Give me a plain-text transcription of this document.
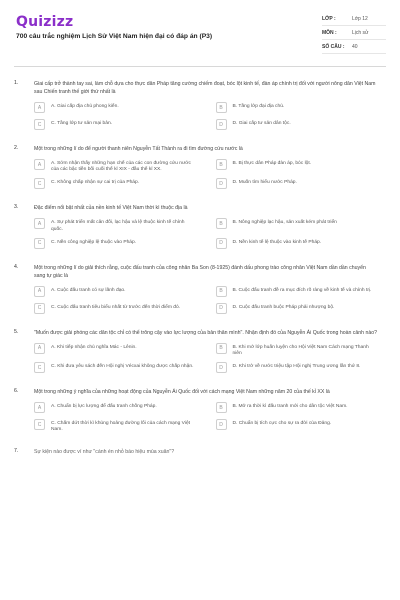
Quizizz
700 câu trắc nghiệm Lịch Sử Việt Nam hiện đại có đáp án (P3)
LỚP :	Lớp 12
MÔN :	Lịch sử
SỐ CÂU :	40
1.	Giai cấp trở thành tay sai, làm chỗ dựa cho thực dân Pháp tăng cường chiếm đoạt, bóc lột kinh tế, đàn áp chính trị đối với người nông dân Việt Nam sau Chiến tranh thế giới thứ nhất là
A	A. Giai cấp địa chủ phong kiến.	B	B. Tầng lớp đại địa chủ.
C	C. Tầng lớp tư sản mại bản.	D	D. Giai cấp tư sản dân tộc.
2.	Một trong những lí do để người thanh niên Nguyễn Tất Thành ra đi tìm đường cứu nước là
A	A. Sớm nhận thấy những hạn chế của các con đường cứu nước của các bậc tiền bối cuối thế kỉ XIX - đầu thế kỉ XX.
B	B. Bị thực dân Pháp đàn áp, bóc lột.
C	C. Không chấp nhận sự cai trị của Pháp.	D	D. Muốn tìm hiểu nước Pháp.
3.	Đặc điểm nổi bật nhất của nền kinh tế Việt Nam thời kì thuộc địa là
A	A. Sự phát triển mất cân đối, lạc hậu và lệ thuộc kinh tế chính quốc.
B	B. Nông nghiệp lạc hậu, sản xuất kém phát triển
C	C. Nền công nghiệp lệ thuộc vào Pháp.	D	D. Nền kinh tế lệ thuộc vào kinh tế Pháp.
4.	Một trong những lí do giải thích rằng, cuộc đấu tranh của công nhân Ba Son (8-1925) đánh dấu phong trào công nhân Việt Nam dần dần chuyển sang tự giác là
A	A. Cuộc đấu tranh có sự lãnh đạo.	B	B. Cuộc đấu tranh đề ra mục đích rõ ràng về kinh tế và chính trị.
C	C. Cuộc đấu tranh tiêu biểu nhất từ trước đến thời điểm đó.	D	D. Cuộc đấu tranh buộc Pháp phải nhượng bộ.
5.	"Muốn được giải phóng các dân tộc chỉ có thể trông cậy vào lực lượng của bản thân mình". Nhận định đó của Nguyễn Ái Quốc trong hoàn cảnh nào?
A	A. Khi tiếp nhận chủ nghĩa Mác - Lênin.	B	B. Khi mở lớp huấn luyện cho Hội Việt Nam Cách mạng Thanh niên
C	C. Khi đưa yêu sách đến Hội nghị Vécxai không được chấp nhận.	D	D. Khi trở về nước triệu tập Hội nghị Trung ương lần thứ 8.
6.	Một trong những ý nghĩa của những hoạt động của Nguyễn Ái Quốc đối với cách mạng Việt Nam những năm 20 của thế kỉ XX là
A	A. Chuẩn bị lực lượng để đấu tranh chống Pháp.	B	B. Mở ra thời kì đấu tranh mới cho dân tộc Việt Nam.
C	C. Chấm dứt thời kì khủng hoảng đường lối của cách mạng Việt Nam.
D	D. Chuẩn bị tích cực cho sự ra đời của Đảng.
7.	Sự kiện nào được ví như "cánh én nhỏ báo hiệu mùa xuân"?
